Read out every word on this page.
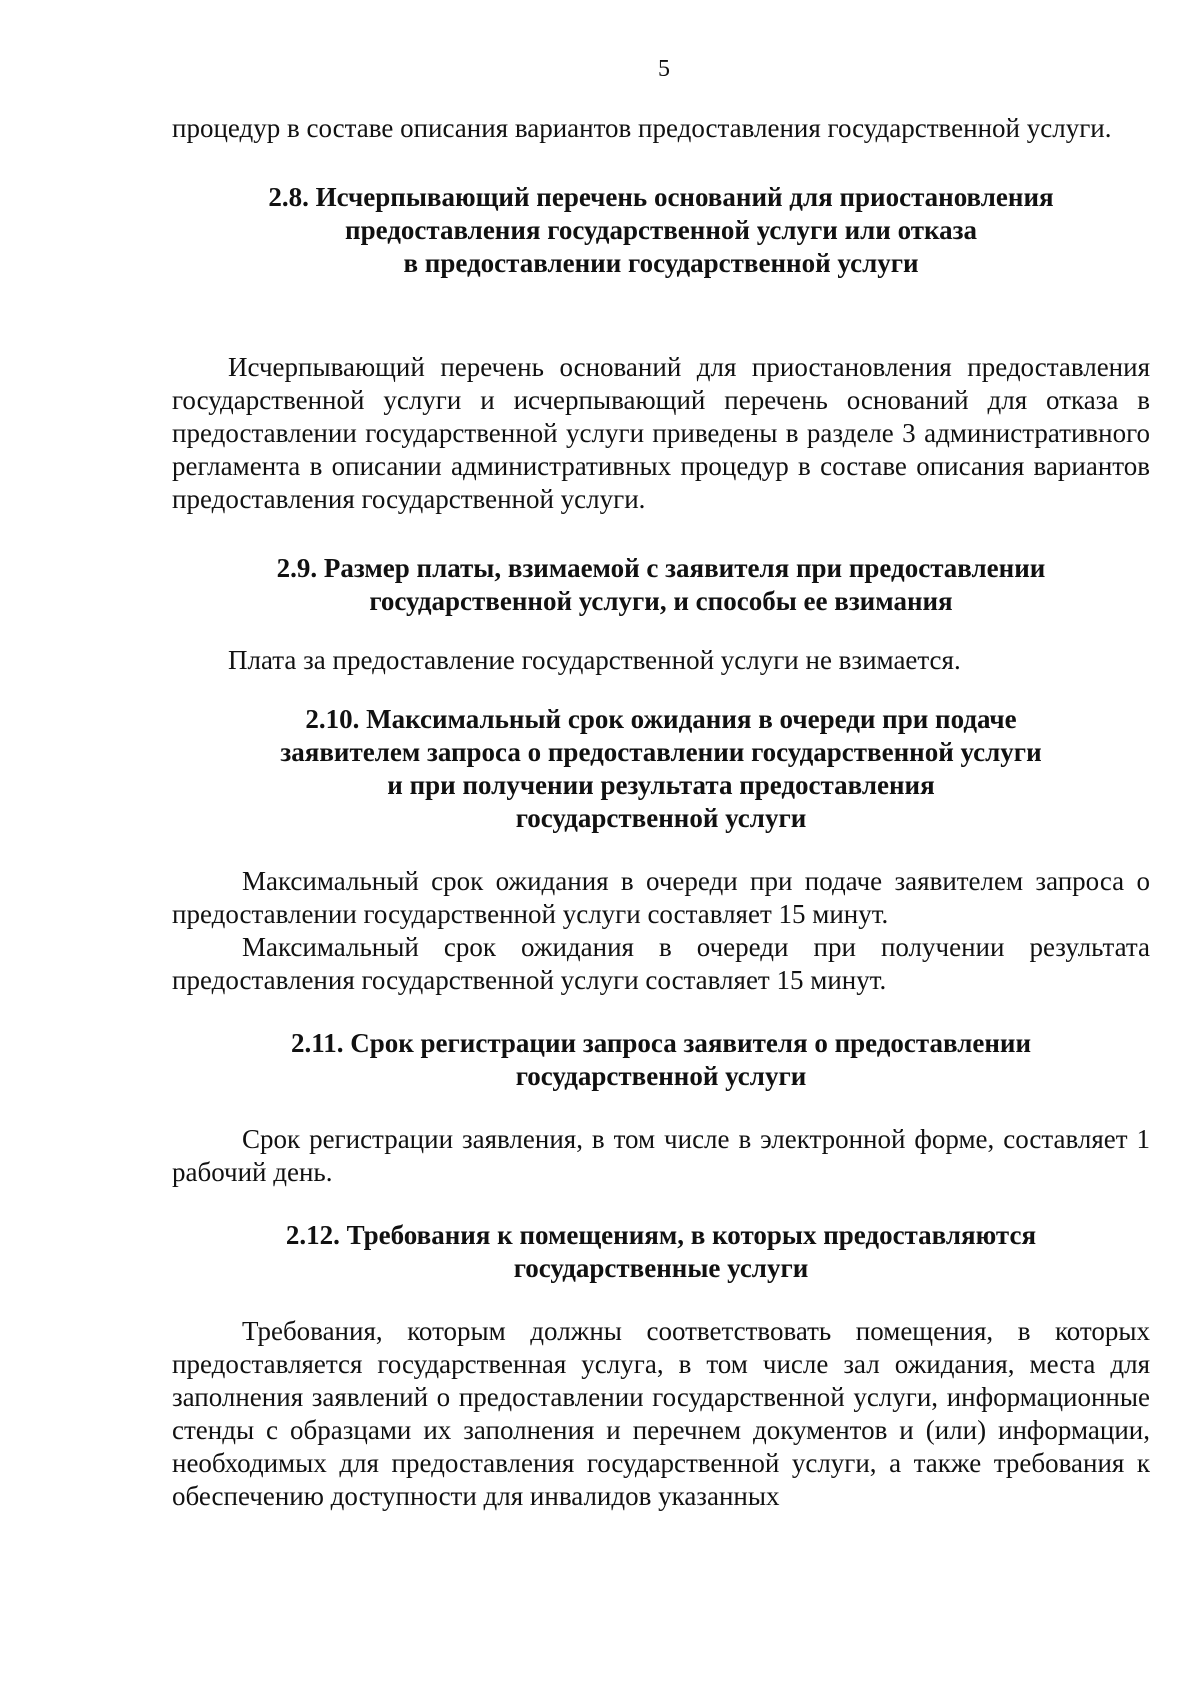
5

процедур в составе описания вариантов предоставления государственной услуги.

2.8. Исчерпывающий перечень оснований для приостановления
предоставления государственной услуги или отказа
в предоставлении государственной услуги

Исчерпывающий перечень оснований для приостановления предоставления государственной услуги и исчерпывающий перечень оснований для отказа в предоставлении государственной услуги приведены в разделе 3 административного регламента в описании административных процедур в составе описания вариантов предоставления государственной услуги.

2.9. Размер платы, взимаемой с заявителя при предоставлении
государственной услуги, и способы ее взимания

Плата за предоставление государственной услуги не взимается.

2.10. Максимальный срок ожидания в очереди при подаче
заявителем запроса о предоставлении государственной услуги
и при получении результата предоставления
государственной услуги

Максимальный срок ожидания в очереди при подаче заявителем запроса о предоставлении государственной услуги составляет 15 минут.

Максимальный срок ожидания в очереди при получении результата предоставления государственной услуги составляет 15 минут.

2.11. Срок регистрации запроса заявителя о предоставлении
государственной услуги

Срок регистрации заявления, в том числе в электронной форме, составляет 1 рабочий день.

2.12. Требования к помещениям, в которых предоставляются
государственные услуги

Требования, которым должны соответствовать помещения, в которых предоставляется государственная услуга, в том числе зал ожидания, места для заполнения заявлений о предоставлении государственной услуги, информационные стенды с образцами их заполнения и перечнем документов и (или) информации, необходимых для предоставления государственной услуги, а также требования к обеспечению доступности для инвалидов указанных
